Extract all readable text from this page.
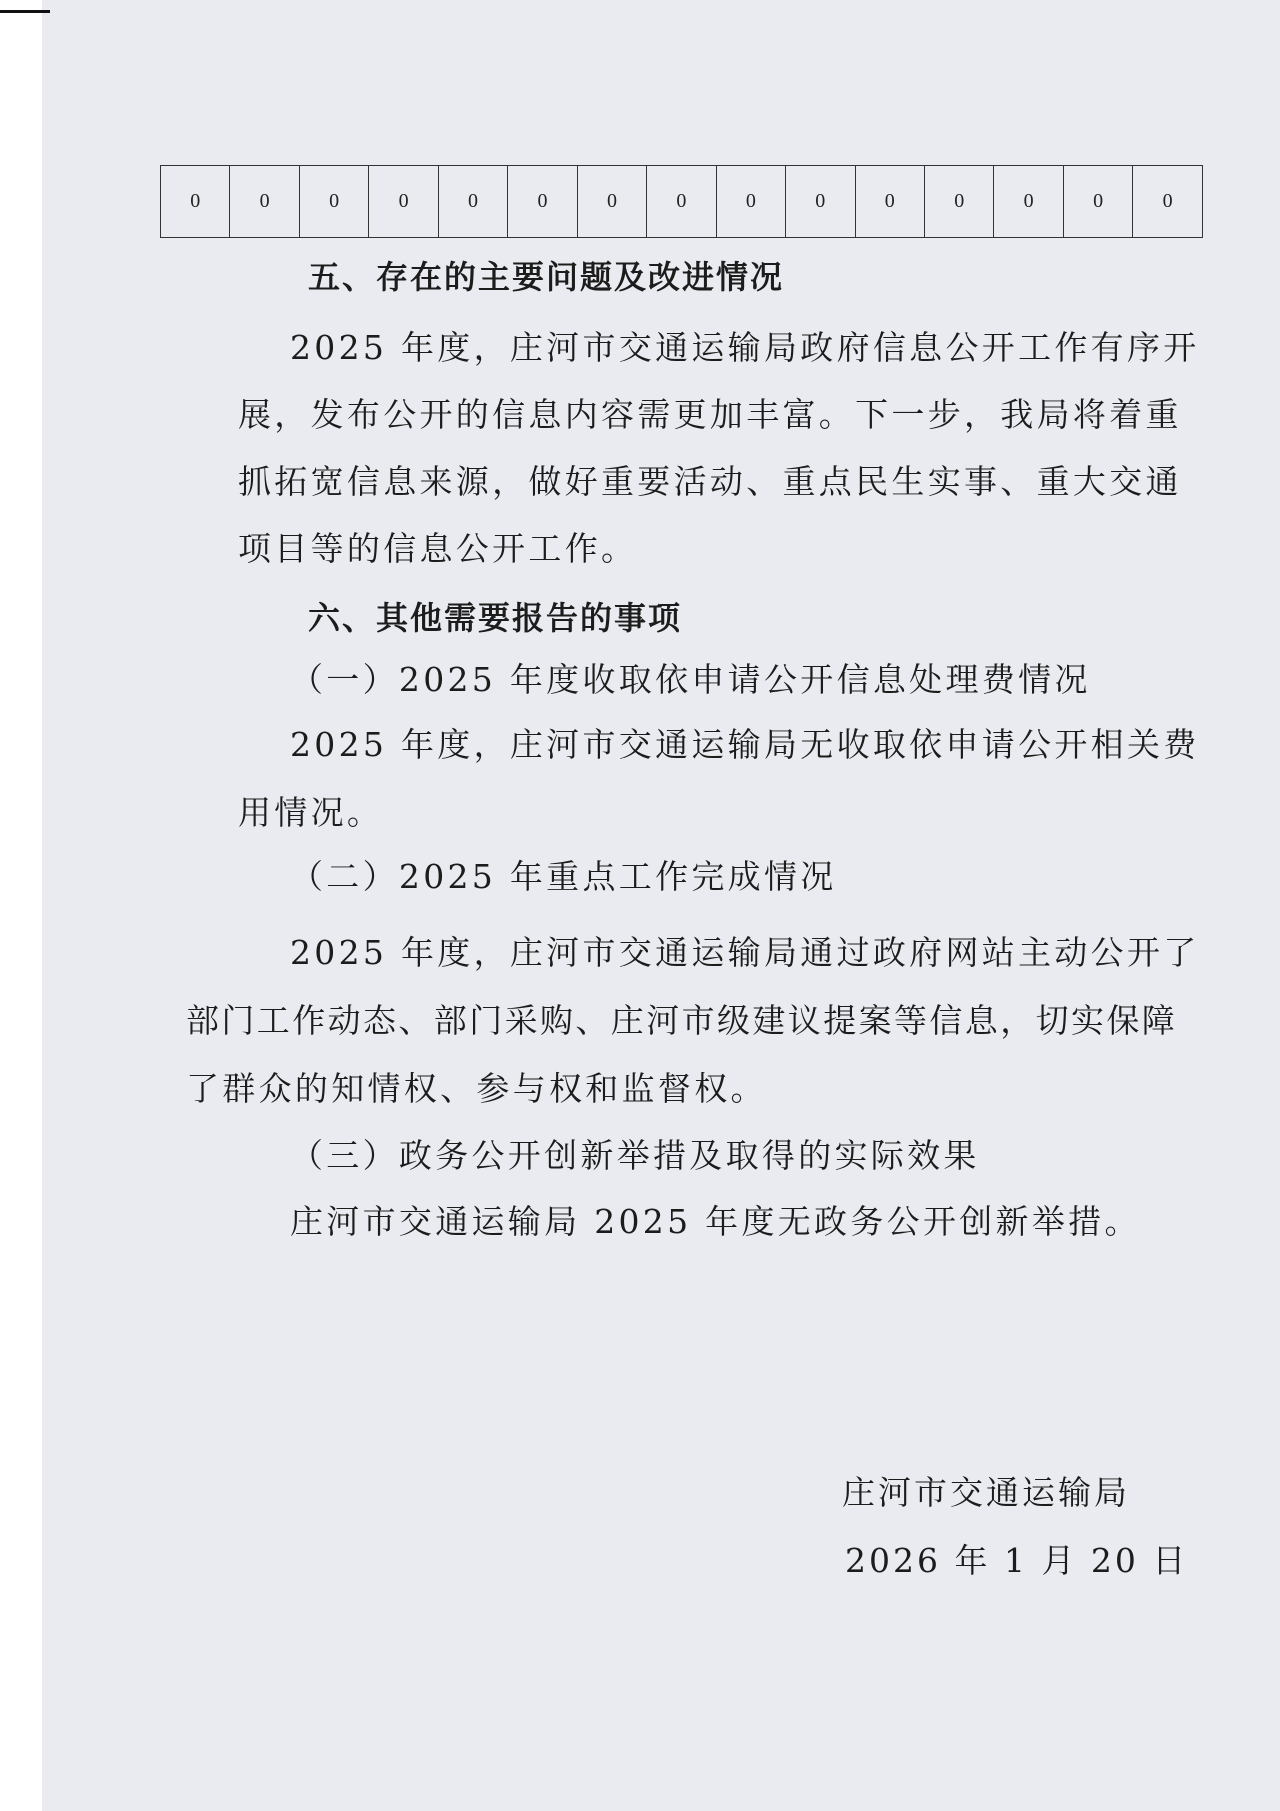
0	0	0	0	0	0	0	0	0	0	0	0	0	0	0
五、存在的主要问题及改进情况
2025 年度，庄河市交通运输局政府信息公开工作有序开
展，发布公开的信息内容需更加丰富。下一步，我局将着重
抓拓宽信息来源，做好重要活动、重点民生实事、重大交通
项目等的信息公开工作。
六、其他需要报告的事项
（一）2025 年度收取依申请公开信息处理费情况
2025 年度，庄河市交通运输局无收取依申请公开相关费
用情况。
（二）2025 年重点工作完成情况
2025 年度，庄河市交通运输局通过政府网站主动公开了
部门工作动态、部门采购、庄河市级建议提案等信息，切实保障
了群众的知情权、参与权和监督权。
（三）政务公开创新举措及取得的实际效果
庄河市交通运输局 2025 年度无政务公开创新举措。
庄河市交通运输局
2026 年 1 月 20 日
